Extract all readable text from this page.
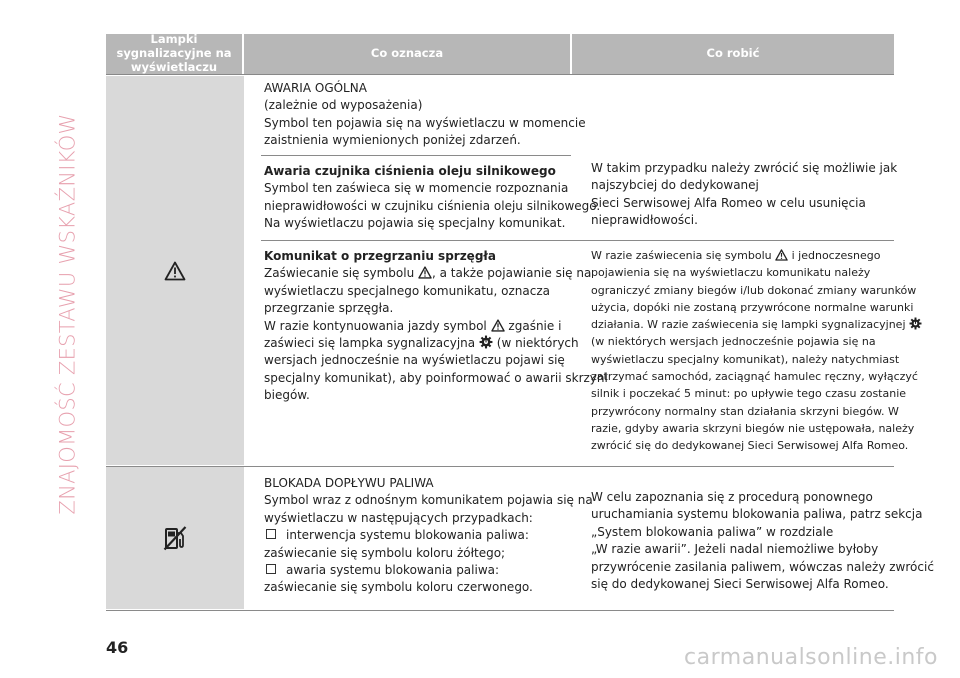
ZNAJOMOŚĆ ZESTAWU WSKAŹNIKÓW
Lampki sygnalizacyjne na wyświetlaczu
Co oznacza	Co robić
AWARIA OGÓLNA
(zależnie od wyposażenia)
Symbol ten pojawia się na wyświetlaczu w momencie
zaistnienia wymienionych poniżej zdarzeń.
Awaria czujnika ciśnienia oleju silnikowego
Symbol ten zaświeca się w momencie rozpoznania
nieprawidłowości w czujniku ciśnienia oleju silnikowego.
Na wyświetlaczu pojawia się specjalny komunikat.
W takim przypadku należy zwrócić się możliwie jak
najszybciej do dedykowanej
Sieci Serwisowej Alfa Romeo w celu usunięcia
nieprawidłowości.
Komunikat o przegrzaniu sprzęgła
Zaświecanie się symbolu , a także pojawianie się na
wyświetlaczu specjalnego komunikatu, oznacza
przegrzanie sprzęgła.
W razie kontynuowania jazdy symbol zgaśnie i
zaświeci się lampka sygnalizacyjna (w niektórych
wersjach jednocześnie na wyświetlaczu pojawi się
specjalny komunikat), aby poinformować o awarii skrzyni
biegów.
W razie zaświecenia się symbolu i jednoczesnego
pojawienia się na wyświetlaczu komunikatu należy
ograniczyć zmiany biegów i/lub dokonać zmiany warunków
użycia, dopóki nie zostaną przywrócone normalne warunki
działania. W razie zaświecenia się lampki sygnalizacyjnej
(w niektórych wersjach jednocześnie pojawia się na
wyświetlaczu specjalny komunikat), należy natychmiast
zatrzymać samochód, zaciągnąć hamulec ręczny, wyłączyć
silnik i poczekać 5 minut: po upływie tego czasu zostanie
przywrócony normalny stan działania skrzyni biegów. W
razie, gdyby awaria skrzyni biegów nie ustępowała, należy
zwrócić się do dedykowanej Sieci Serwisowej Alfa Romeo.
BLOKADA DOPŁYWU PALIWA
Symbol wraz z odnośnym komunikatem pojawia się na
wyświetlaczu w następujących przypadkach:
interwencja systemu blokowania paliwa:
zaświecanie się symbolu koloru żółtego;
awaria systemu blokowania paliwa:
zaświecanie się symbolu koloru czerwonego.
W celu zapoznania się z procedurą ponownego
uruchamiania systemu blokowania paliwa, patrz sekcja
„System blokowania paliwa” w rozdziale
„W razie awarii”. Jeżeli nadal niemożliwe byłoby
przywrócenie zasilania paliwem, wówczas należy zwrócić
się do dedykowanej Sieci Serwisowej Alfa Romeo.
46	carmanualsonline.info
